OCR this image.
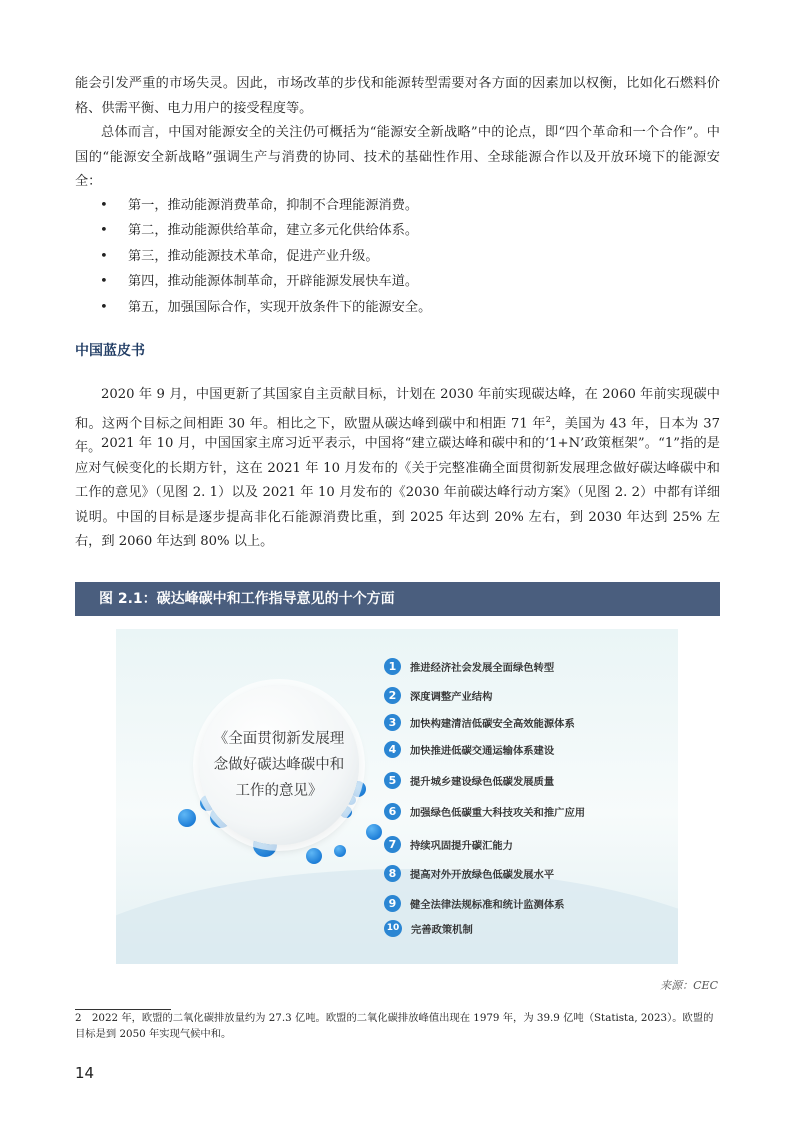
能会引发严重的市场失灵。因此，市场改革的步伐和能源转型需要对各方面的因素加以权衡，比如化石燃料价格、供需平衡、电力用户的接受程度等。

总体而言，中国对能源安全的关注仍可概括为“能源安全新战略”中的论点，即“四个革命和一个合作”。中国的“能源安全新战略”强调生产与消费的协同、技术的基础性作用、全球能源合作以及开放环境下的能源安全：

• 第一，推动能源消费革命，抑制不合理能源消费。
• 第二，推动能源供给革命，建立多元化供给体系。
• 第三，推动能源技术革命，促进产业升级。
• 第四，推动能源体制革命，开辟能源发展快车道。
• 第五，加强国际合作，实现开放条件下的能源安全。
中国蓝皮书

2020 年 9 月，中国更新了其国家自主贡献目标，计划在 2030 年前实现碳达峰，在 2060 年前实现碳中和。这两个目标之间相距 30 年。相比之下，欧盟从碳达峰到碳中和相距 71 年$^2$，美国为 43 年，日本为 37 年。 2021 年 10 月，中国国家主席习近平表示，中国将“建立碳达峰和碳中和的‘1+N’政策框架”。“1”指的是应对气候变化的长期方针，这在 2021 年 10 月发布的《关于完整准确全面贯彻新发展理念做好碳达峰碳中和工作的意见》（见图 2. 1）以及 2021 年 10 月发布的《2030 年前碳达峰行动方案》（见图 2. 2）中都有详细说明。中国的目标是逐步提高非化石能源消费比重，到 2025 年达到 20% 左右，到 2030 年达到 25% 左右，到 2060 年达到 80% 以上。

图 2.1：碳达峰碳中和工作指导意见的十个方面
《全面贯彻新发展理念做好碳达峰碳中和工作的意见》
1	推进经济社会发展全面绿色转型
2	深度调整产业结构
3	加快构建清洁低碳安全高效能源体系
4	加快推进低碳交通运输体系建设
5	提升城乡建设绿色低碳发展质量
6	加强绿色低碳重大科技攻关和推广应用
7	持续巩固提升碳汇能力
8	提高对外开放绿色低碳发展水平
9	健全法律法规标准和统计监测体系
10 完善政策机制
来源：CEC

2　2022 年，欧盟的二氧化碳排放量约为 27.3 亿吨。欧盟的二氧化碳排放峰值出现在 1979 年，为 39.9 亿吨（Statista, 2023）。欧盟的目标是到 2050 年实现气候中和。

14
